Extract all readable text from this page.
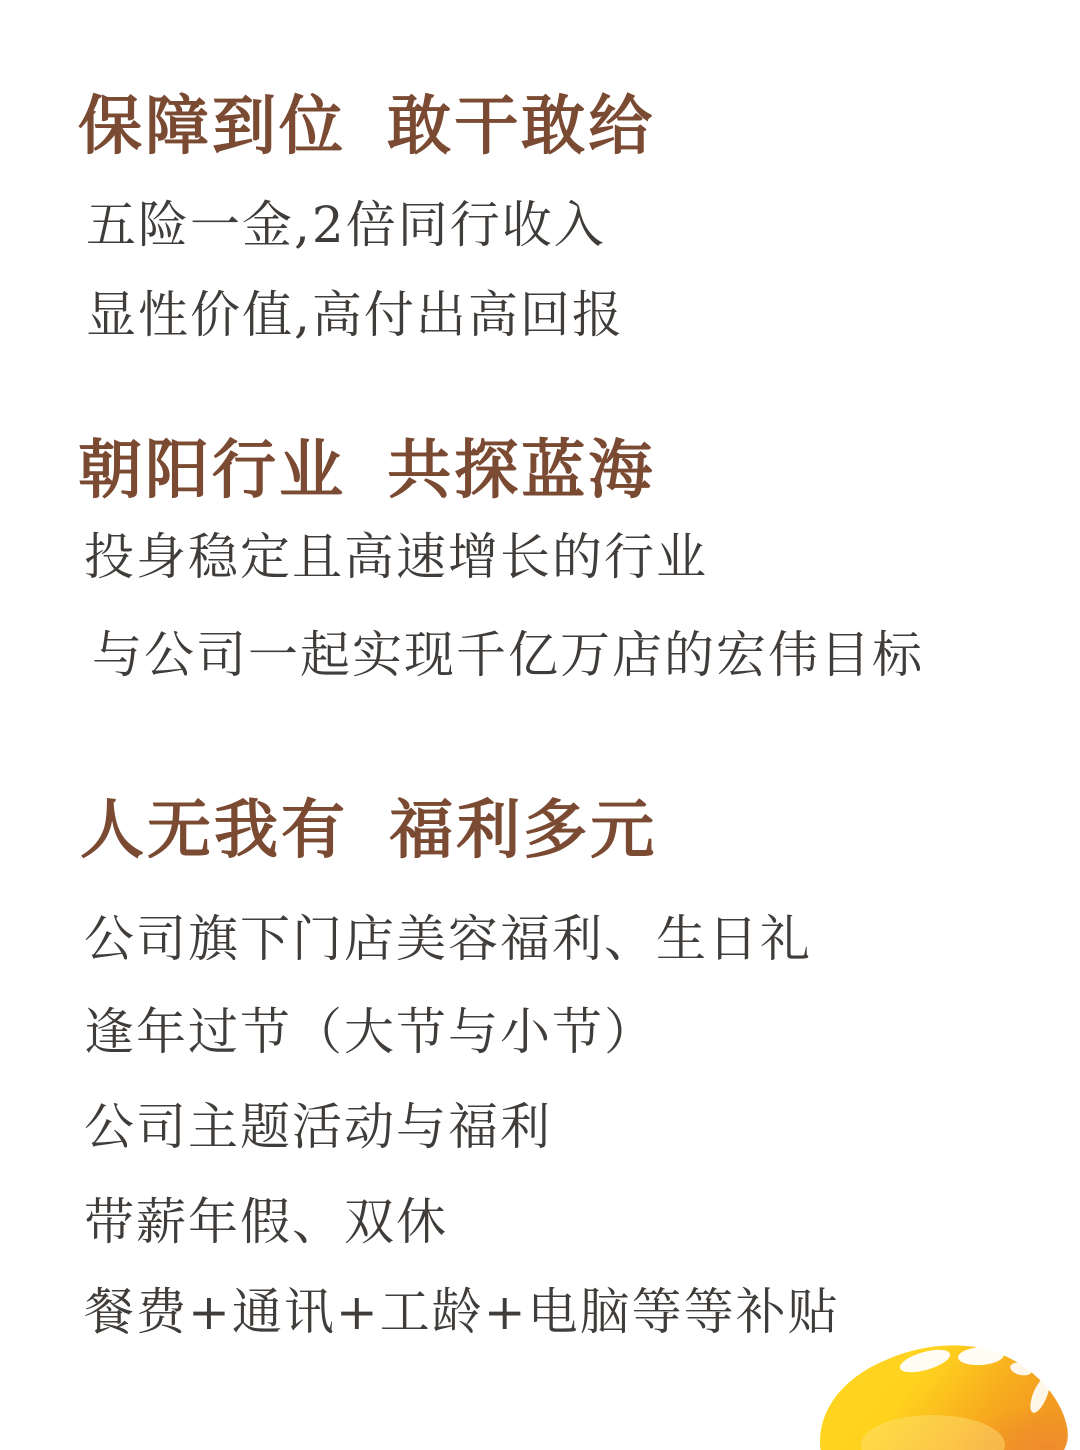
保障到位 敢干敢给
五险一金,2倍同行收入
显性价值,高付出高回报
朝阳行业 共探蓝海
投身稳定且高速增长的行业
与公司一起实现千亿万店的宏伟目标
人无我有 福利多元
公司旗下门店美容福利、生日礼
逢年过节（大节与小节）
公司主题活动与福利
带薪年假、双休
餐费+通讯+工龄+电脑等等补贴
